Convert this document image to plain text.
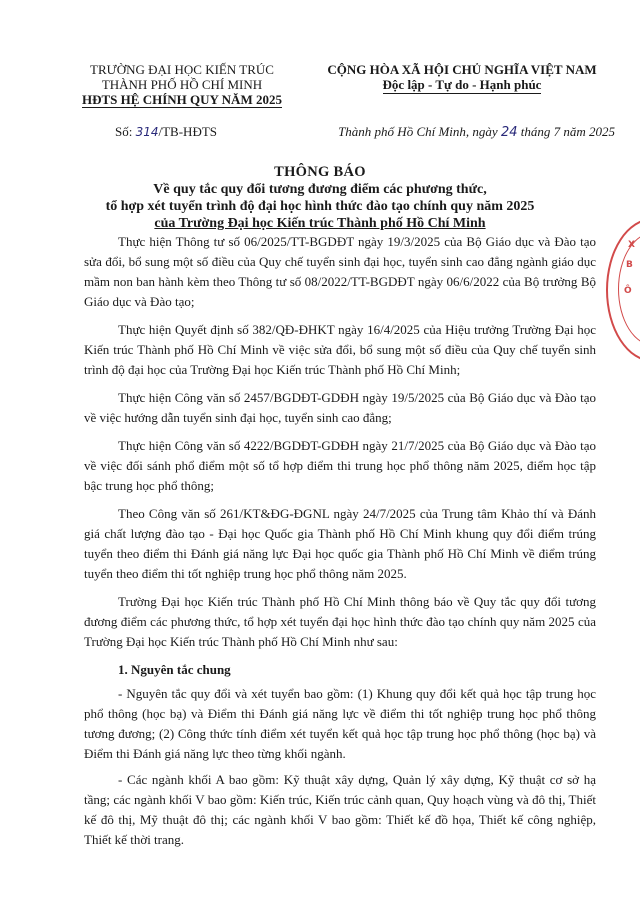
TRƯỜNG ĐẠI HỌC KIẾN TRÚC
THÀNH PHỐ HỒ CHÍ MINH
HĐTS HỆ CHÍNH QUY NĂM 2025
CỘNG HÒA XÃ HỘI CHỦ NGHĨA VIỆT NAM
Độc lập - Tự do - Hạnh phúc
Số: 314/TB-HĐTS	Thành phố Hồ Chí Minh, ngày 24 tháng 7 năm 2025
THÔNG BÁO
Về quy tắc quy đổi tương đương điểm các phương thức,
tổ hợp xét tuyển trình độ đại học hình thức đào tạo chính quy năm 2025
của Trường Đại học Kiến trúc Thành phố Hồ Chí Minh

Thực hiện Thông tư số 06/2025/TT-BGDĐT ngày 19/3/2025 của Bộ Giáo dục và Đào tạo sửa đổi, bổ sung một số điều của Quy chế tuyển sinh đại học, tuyển sinh cao đẳng ngành giáo dục mầm non ban hành kèm theo Thông tư số 08/2022/TT-BGDĐT ngày 06/6/2022 của Bộ trưởng Bộ Giáo dục và Đào tạo;

Thực hiện Quyết định số 382/QĐ-ĐHKT ngày 16/4/2025 của Hiệu trưởng Trường Đại học Kiến trúc Thành phố Hồ Chí Minh về việc sửa đổi, bổ sung một số điều của Quy chế tuyển sinh trình độ đại học của Trường Đại học Kiến trúc Thành phố Hồ Chí Minh;

Thực hiện Công văn số 2457/BGDĐT-GDĐH ngày 19/5/2025 của Bộ Giáo dục và Đào tạo về việc hướng dẫn tuyển sinh đại học, tuyển sinh cao đẳng;

Thực hiện Công văn số 4222/BGDĐT-GDĐH ngày 21/7/2025 của Bộ Giáo dục và Đào tạo về việc đối sánh phổ điểm một số tổ hợp điểm thi trung học phổ thông năm 2025, điểm học tập bậc trung học phổ thông;

Theo Công văn số 261/KT&ĐG-ĐGNL ngày 24/7/2025 của Trung tâm Khảo thí và Đánh giá chất lượng đào tạo - Đại học Quốc gia Thành phố Hồ Chí Minh khung quy đổi điểm trúng tuyển theo điểm thi Đánh giá năng lực Đại học quốc gia Thành phố Hồ Chí Minh về điểm trúng tuyển theo điểm thi tốt nghiệp trung học phổ thông năm 2025.

Trường Đại học Kiến trúc Thành phố Hồ Chí Minh thông báo về Quy tắc quy đổi tương đương điểm các phương thức, tổ hợp xét tuyển đại học hình thức đào tạo chính quy năm 2025 của Trường Đại học Kiến trúc Thành phố Hồ Chí Minh như sau:

1. Nguyên tắc chung

- Nguyên tắc quy đổi và xét tuyển bao gồm: (1) Khung quy đổi kết quả học tập trung học phổ thông (học bạ) và Điểm thi Đánh giá năng lực về điểm thi tốt nghiệp trung học phổ thông tương đương; (2) Công thức tính điểm xét tuyển kết quả học tập trung học phổ thông (học bạ) và Điểm thi Đánh giá năng lực theo từng khối ngành.

- Các ngành khối A bao gồm: Kỹ thuật xây dựng, Quản lý xây dựng, Kỹ thuật cơ sở hạ tầng; các ngành khối V bao gồm: Kiến trúc, Kiến trúc cảnh quan, Quy hoạch vùng và đô thị, Thiết kế đô thị, Mỹ thuật đô thị; các ngành khối V bao gồm: Thiết kế đồ họa, Thiết kế công nghiệp, Thiết kế thời trang.

X
B
Ô
